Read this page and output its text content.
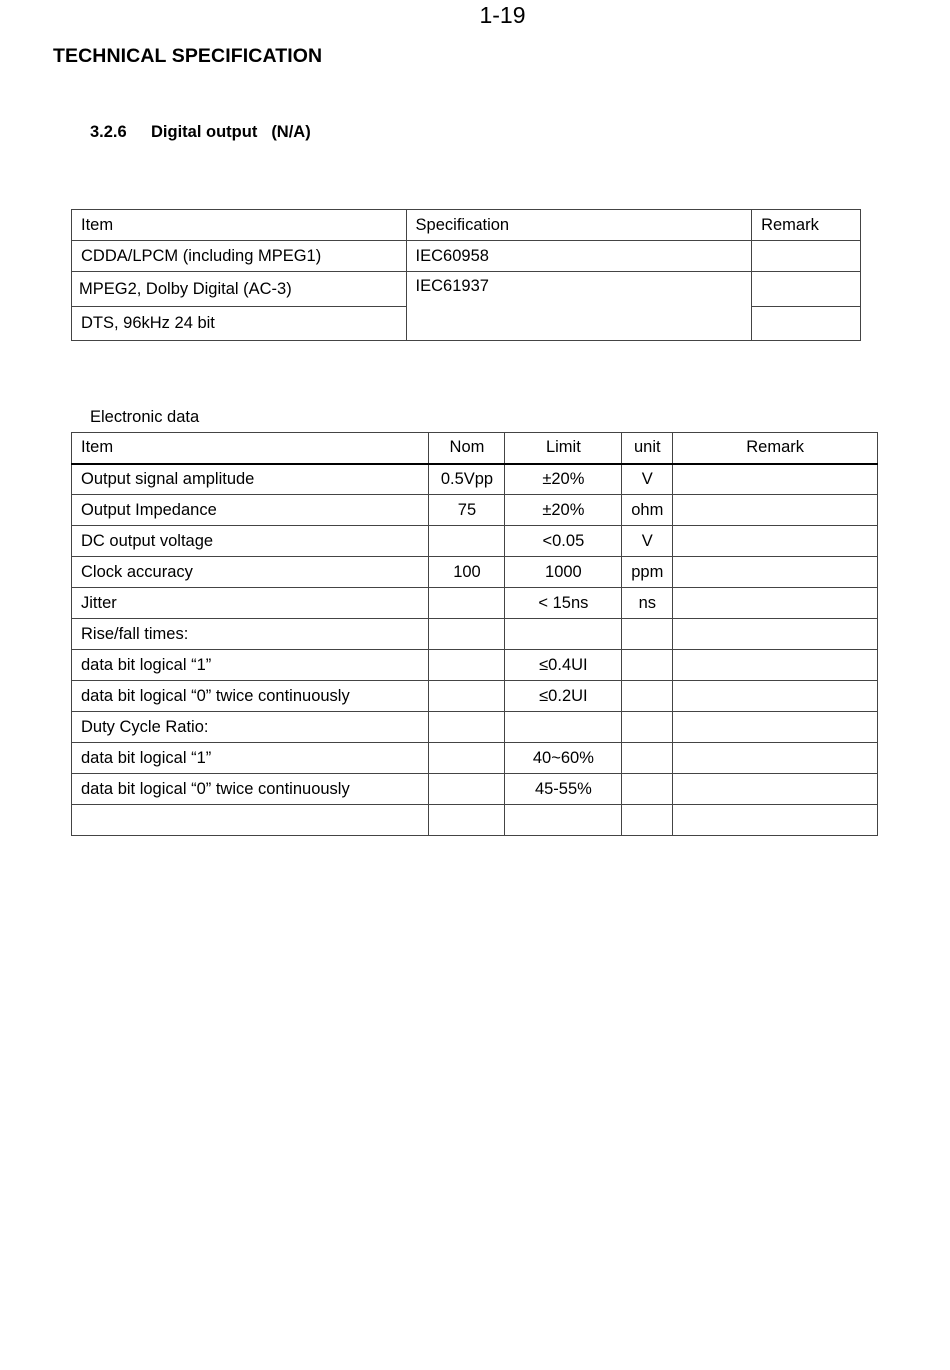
1-19
TECHNICAL SPECIFICATION
3.2.6 Digital output (N/A)
Item	Specification	Remark
CDDA/LPCM (including MPEG1)	IEC60958	
MPEG2, Dolby Digital (AC-3)	IEC61937	
DTS, 96kHz 24 bit		
Electronic data
Item	Nom	Limit	unit	Remark
Output signal amplitude	0.5Vpp	±20%	V	
Output Impedance	75	±20%	ohm	
DC output voltage		<0.05	V	
Clock accuracy	100	1000	ppm	
Jitter		< 15ns	ns	
Rise/fall times:				
data bit logical “1”		≤0.4UI		
data bit logical “0” twice continuously		≤0.2UI		
Duty Cycle Ratio:				
data bit logical “1”		40~60%		
data bit logical “0” twice continuously		45-55%		
